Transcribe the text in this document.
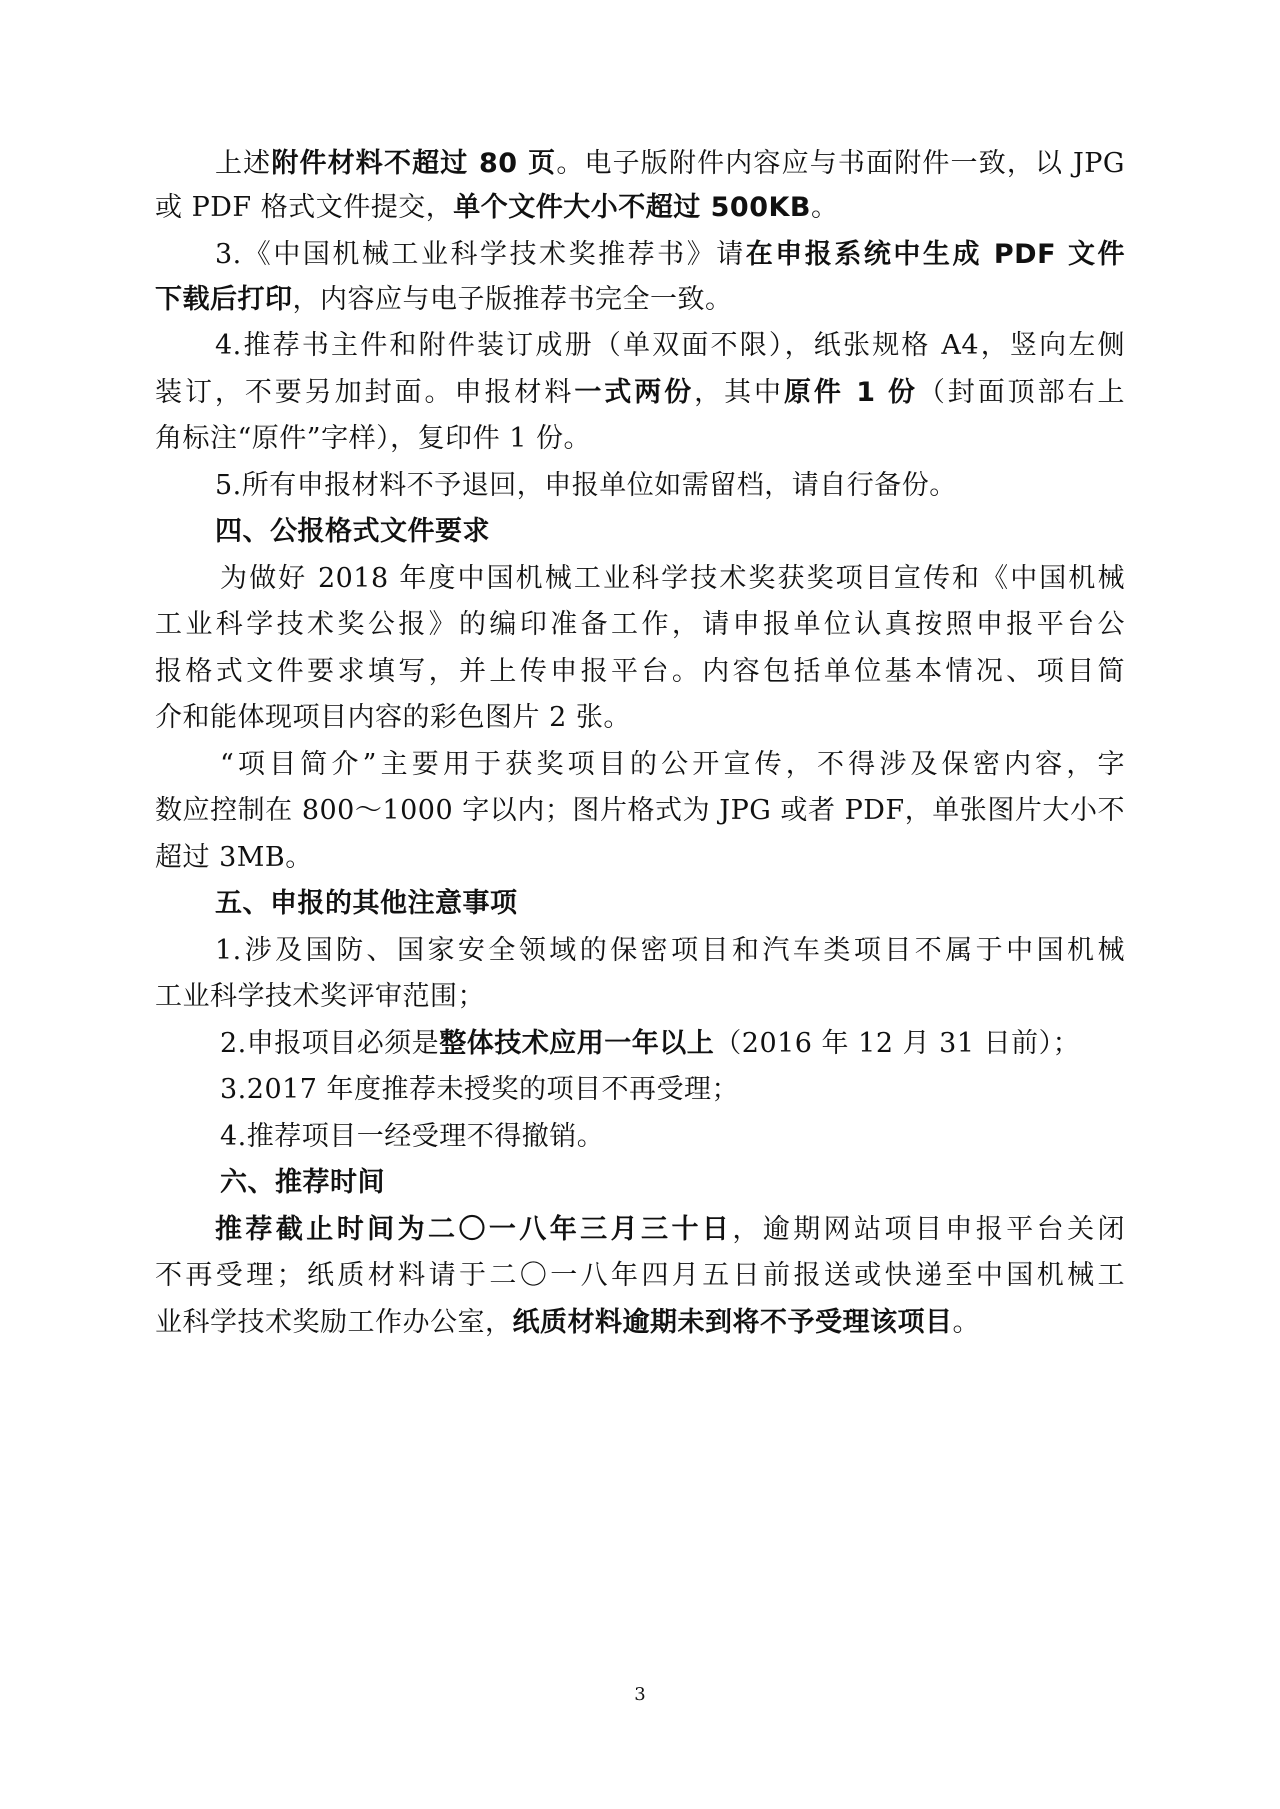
上述附件材料不超过 80 页。电子版附件内容应与书面附件一致，以 JPG
或 PDF 格式文件提交，单个文件大小不超过 500KB。
3.《中国机械工业科学技术奖推荐书》请在申报系统中生成 PDF 文件
下载后打印，内容应与电子版推荐书完全一致。
4.推荐书主件和附件装订成册（单双面不限），纸张规格 A4，竖向左侧
装订，不要另加封面。申报材料一式两份，其中原件 1 份（封面顶部右上
角标注“原件”字样），复印件 1 份。
5.所有申报材料不予退回，申报单位如需留档，请自行备份。
四、公报格式文件要求
为做好 2018 年度中国机械工业科学技术奖获奖项目宣传和《中国机械
工业科学技术奖公报》的编印准备工作，请申报单位认真按照申报平台公
报格式文件要求填写，并上传申报平台。内容包括单位基本情况、项目简
介和能体现项目内容的彩色图片 2 张。
“项目简介”主要用于获奖项目的公开宣传，不得涉及保密内容，字
数应控制在 800～1000 字以内；图片格式为 JPG 或者 PDF，单张图片大小不
超过 3MB。
五、申报的其他注意事项
1.涉及国防、国家安全领域的保密项目和汽车类项目不属于中国机械
工业科学技术奖评审范围；
2.申报项目必须是整体技术应用一年以上（2016 年 12 月 31 日前）；
3.2017 年度推荐未授奖的项目不再受理；
4.推荐项目一经受理不得撤销。
六、推荐时间
推荐截止时间为二〇一八年三月三十日，逾期网站项目申报平台关闭
不再受理；纸质材料请于二〇一八年四月五日前报送或快递至中国机械工
业科学技术奖励工作办公室，纸质材料逾期未到将不予受理该项目。
3
